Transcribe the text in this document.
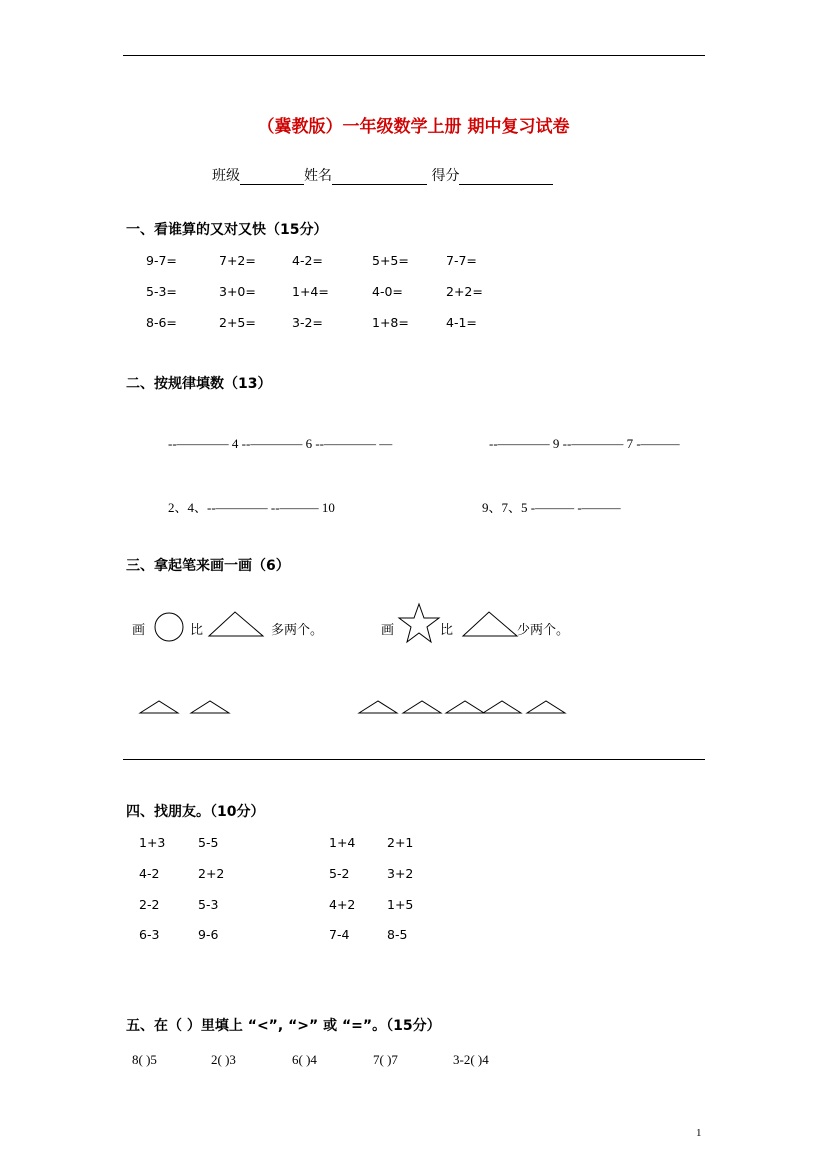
（冀教版）一年级数学上册 期中复习试卷
班级	姓名	得分
一、看谁算的又对又快（15分）
9-7=	7+2=	4-2=	5+5=	7-7=
5-3=	3+0=	1+4=	4-0=	2+2=
8-6=	2+5=	3-2=	1+8=	4-1=
二、按规律填数（13）
--———— 4 --———— 6 --———— —	--———— 9 --———— 7 -———
2、4、--———— --——— 10	9、7、5 -——— -———
三、拿起笔来画一画（6）
画	比	多两个。	画	比	少两个。
四、找朋友。（10分）
1+3	5-5	1+4	2+1
4-2	2+2	5-2	3+2
2-2	5-3	4+2	1+5
6-3	9-6	7-4	8-5
五、在（ ）里填上 “<”, “>” 或 “=”。（15分）
8( )5	2( )3	6( )4	7( )7	3-2( )4
1
